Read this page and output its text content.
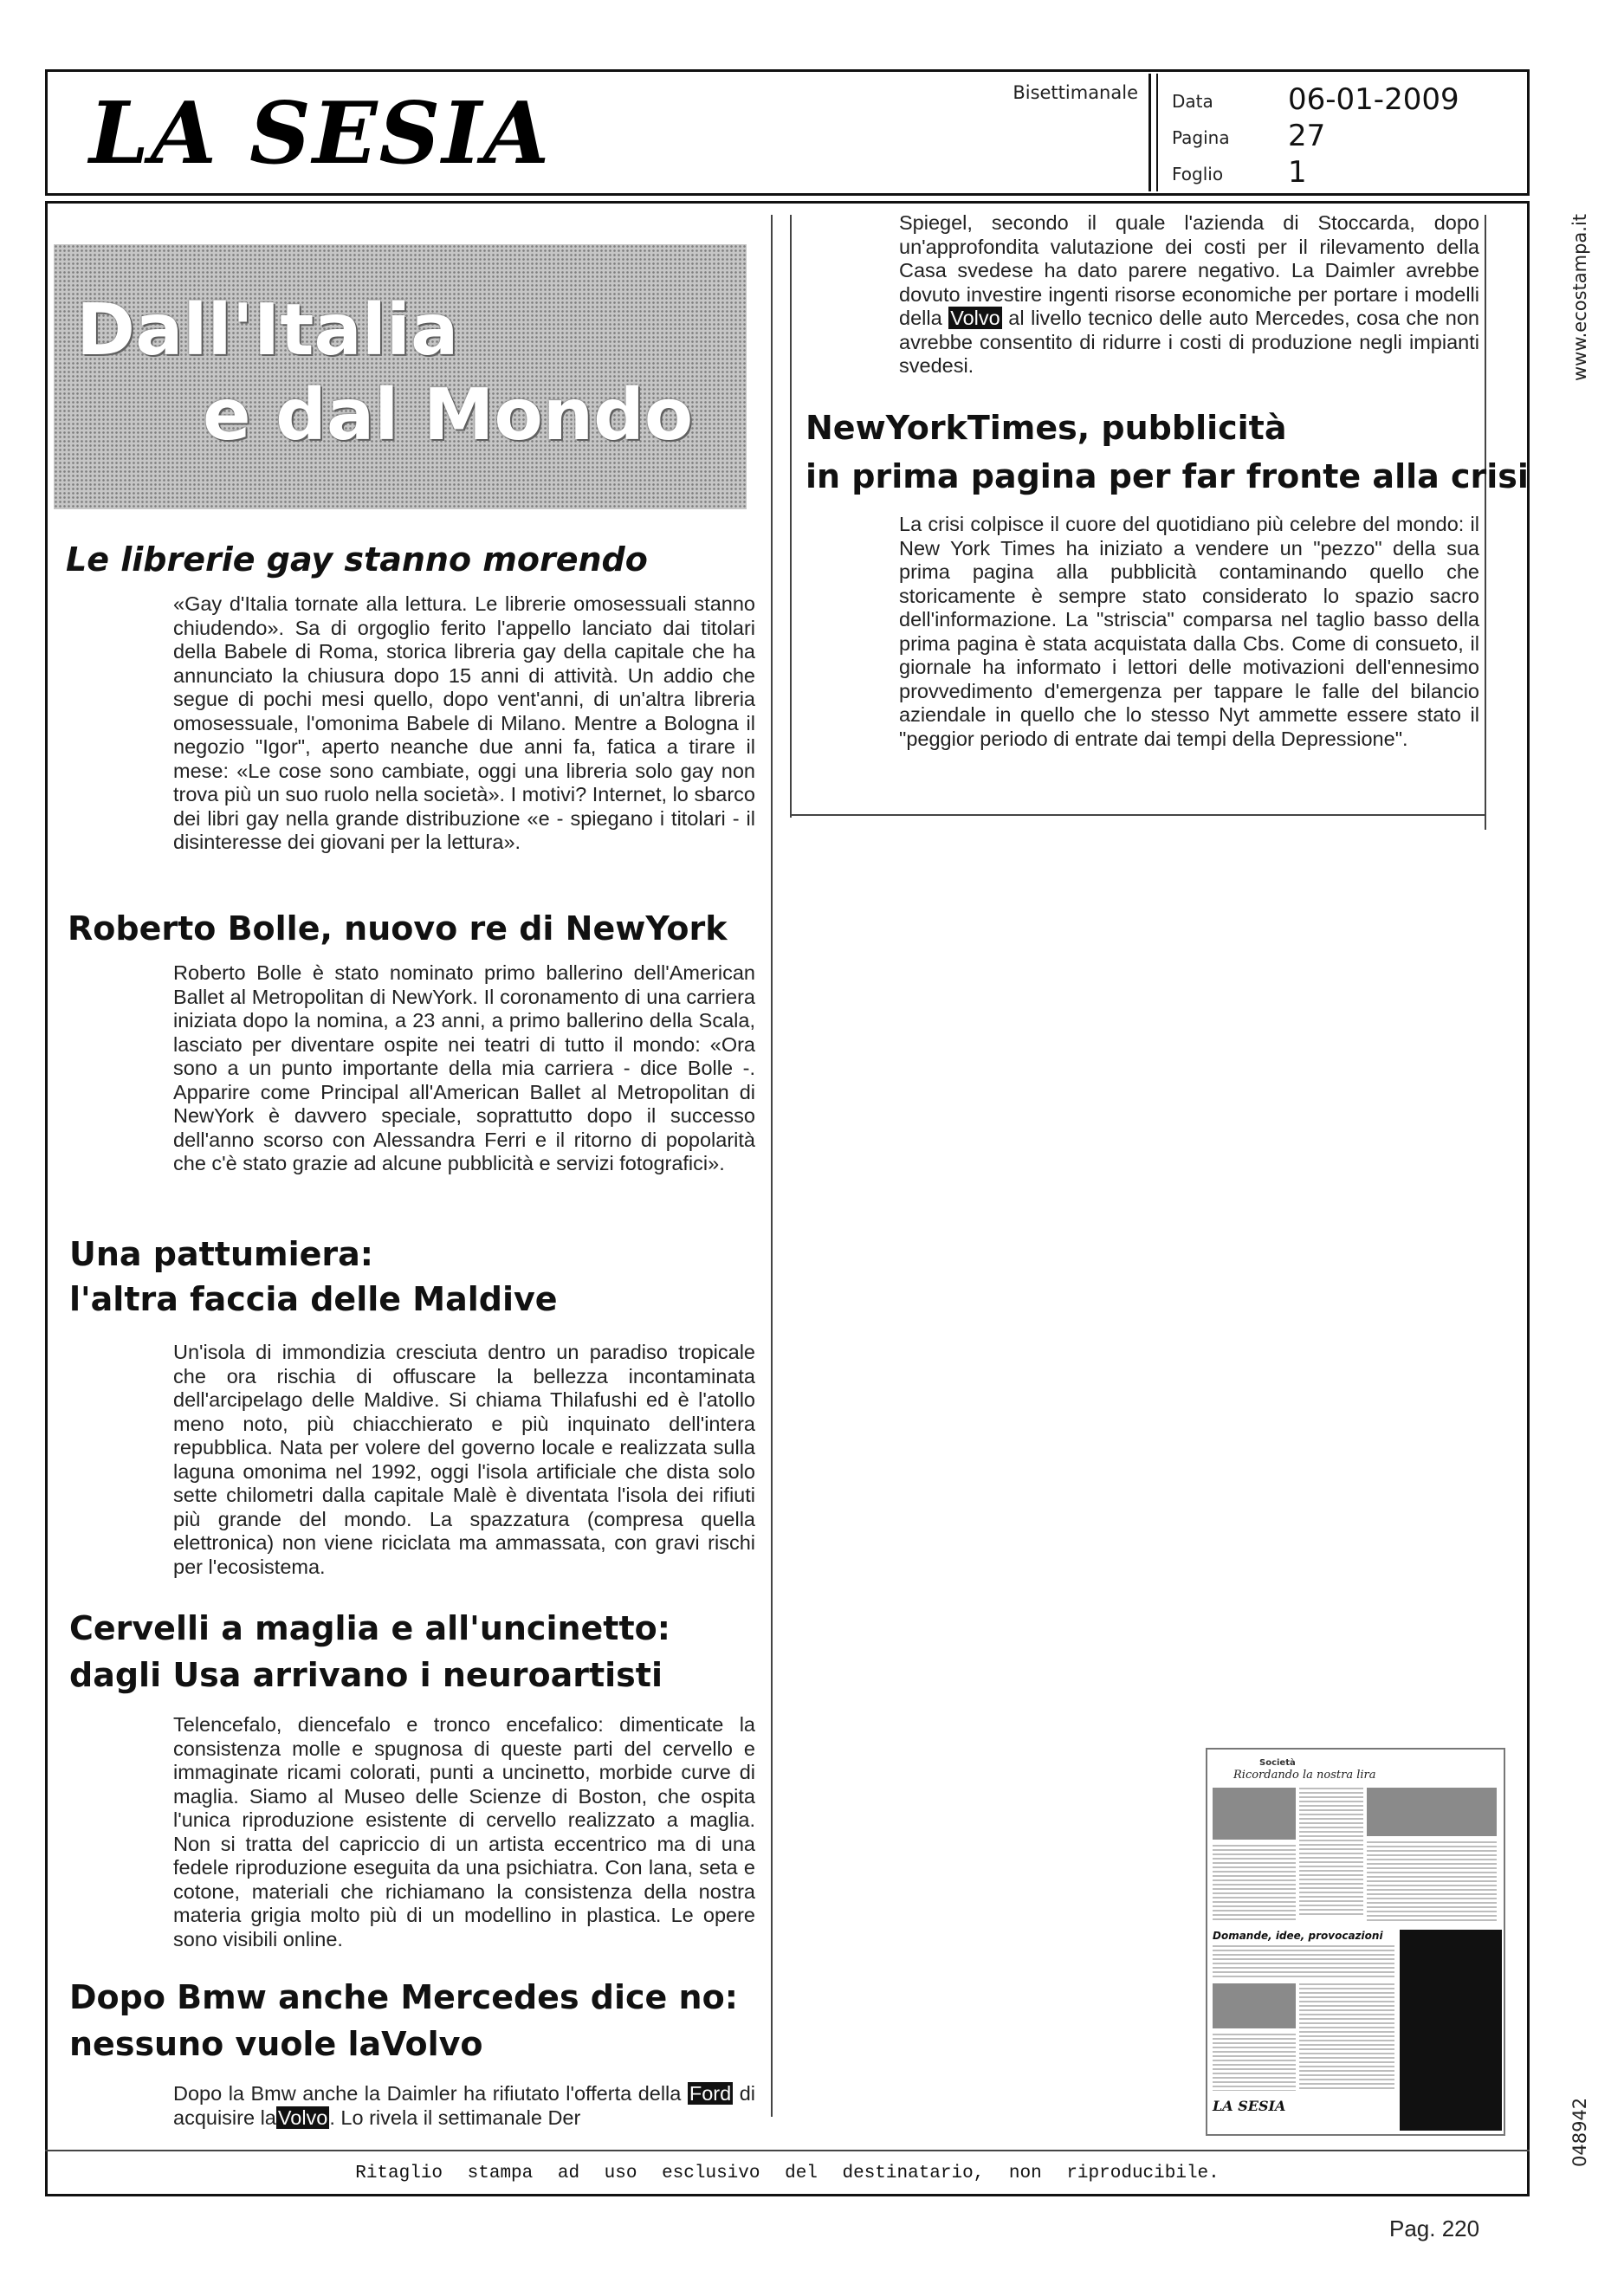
LA SESIA	Bisettimanale Data	06-01-2009
Pagina	27
Foglio	1
Dall'Italia
e dal Mondo
Le librerie gay stanno morendo

«Gay d'Italia tornate alla lettura. Le librerie omosessuali stanno chiudendo». Sa di orgoglio ferito l'appello lanciato dai titolari della Babele di Roma, storica libreria gay della capitale che ha annunciato la chiusura dopo 15 anni di attività. Un addio che segue di pochi mesi quello, dopo vent'anni, di un'altra libreria omosessuale, l'omonima Babele di Milano. Mentre a Bologna il negozio "Igor", aperto neanche due anni fa, fatica a tirare il mese: «Le cose sono cambiate, oggi una libreria solo gay non trova più un suo ruolo nella società». I motivi? Internet, lo sbarco dei libri gay nella grande distribuzione «e - spiegano i titolari - il disinteresse dei giovani per la lettura».

Roberto Bolle, nuovo re di NewYork

Roberto Bolle è stato nominato primo ballerino dell'American Ballet al Metropolitan di NewYork. Il coronamento di una carriera iniziata dopo la nomina, a 23 anni, a primo ballerino della Scala, lasciato per diventare ospite nei teatri di tutto il mondo: «Ora sono a un punto importante della mia carriera - dice Bolle -. Apparire come Principal all'American Ballet al Metropolitan di NewYork è davvero speciale, soprattutto dopo il successo dell'anno scorso con Alessandra Ferri e il ritorno di popolarità che c'è stato grazie ad alcune pubblicità e servizi fotografici».

Una pattumiera:
l'altra faccia delle Maldive

Un'isola di immondizia cresciuta dentro un paradiso tropicale che ora rischia di offuscare la bellezza incontaminata dell'arcipelago delle Maldive. Si chiama Thilafushi ed è l'atollo meno noto, più chiacchierato e più inquinato dell'intera repubblica. Nata per volere del governo locale e realizzata sulla laguna omonima nel 1992, oggi l'isola artificiale che dista solo sette chilometri dalla capitale Malè è diventata l'isola dei rifiuti più grande del mondo. La spazzatura (compresa quella elettronica) non viene riciclata ma ammassata, con gravi rischi per l'ecosistema.

Cervelli a maglia e all'uncinetto:
dagli Usa arrivano i neuroartisti

Telencefalo, diencefalo e tronco encefalico: dimenticate la consistenza molle e spugnosa di queste parti del cervello e immaginate ricami colorati, punti a uncinetto, morbide curve di maglia. Siamo al Museo delle Scienze di Boston, che ospita l'unica riproduzione esistente di cervello realizzato a maglia. Non si tratta del capriccio di un artista eccentrico ma di una fedele riproduzione eseguita da una psichiatra. Con lana, seta e cotone, materiali che richiamano la consistenza della nostra materia grigia molto più di un modellino in plastica. Le opere sono visibili online.

Dopo Bmw anche Mercedes dice no:
nessuno vuole laVolvo

Dopo la Bmw anche la Daimler ha rifiutato l'offerta della Ford di acquisire laVolvo. Lo rivela il settimanale Der

Spiegel, secondo il quale l'azienda di Stoccarda, dopo un'approfondita valutazione dei costi per il rilevamento della Casa svedese ha dato parere negativo. La Daimler avrebbe dovuto investire ingenti risorse economiche per portare i modelli della Volvo al livello tecnico delle auto Mercedes, cosa che non avrebbe consentito di ridurre i costi di produzione negli impianti svedesi.

NewYorkTimes, pubblicità
in prima pagina per far fronte alla crisi

La crisi colpisce il cuore del quotidiano più celebre del mondo: il New York Times ha iniziato a vendere un "pezzo" della sua prima pagina alla pubblicità contaminando quello che storicamente è sempre stato considerato lo spazio sacro dell'informazione. La "striscia" comparsa nel taglio basso della prima pagina è stata acquistata dalla Cbs. Come di consueto, il giornale ha informato i lettori delle motivazioni dell'ennesimo provvedimento d'emergenza per tappare le falle del bilancio aziendale in quello che lo stesso Nyt ammette essere stato il "peggior periodo di entrate dai tempi della Depressione".

www.ecostampa.it
048942
Società
Ricordando la nostra lira
Domande, idee, provocazioni
LA SESIA
Ritaglio stampa ad uso esclusivo del destinatario, non riproducibile.
Pag. 220
